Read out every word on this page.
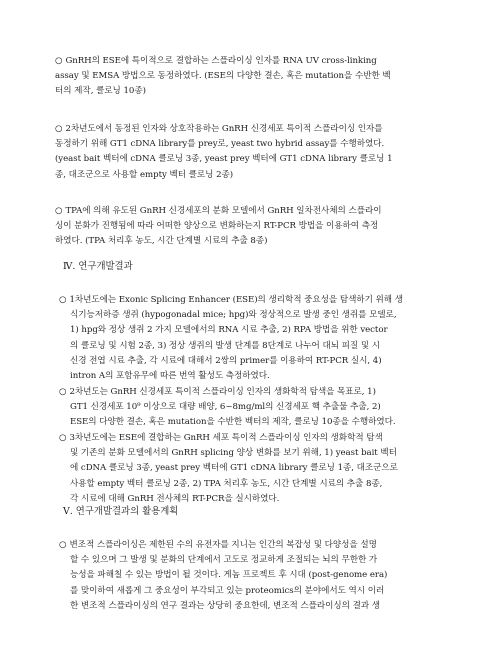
○ GnRH의 ESE에 특이적으로 결합하는 스플라이싱 인자를 RNA UV cross-linking
assay 및 EMSA 방법으로 동정하였다. (ESE의 다양한 결손, 혹은 mutation을 수반한 벡
터의 제작, 클로닝 10종)
○ 2차년도에서 동정된 인자와 상호작용하는 GnRH 신경세포 특이적 스플라이싱 인자를
동정하기 위해 GT1 cDNA library를 prey로, yeast two hybrid assay를 수행하였다.
(yeast bait 벡터에 cDNA 클로닝 3종, yeast prey 벡터에 GT1 cDNA library 클로닝 1
종, 대조군으로 사용할 empty 벡터 클로닝 2종)
○ TPA에 의해 유도된 GnRH 신경세포의 분화 모델에서 GnRH 일차전사체의 스플라이
싱이 분화가 진행됨에 따라 어떠한 양상으로 변화하는지 RT-PCR 방법을 이용하여 측정
하였다. (TPA 처리후 농도, 시간 단계별 시료의 추출 8종)
Ⅳ. 연구개발결과
○ 1차년도에는 Exonic Splicing Enhancer (ESE)의 생리학적 중요성을 탐색하기 위해 생
식기능저하증 생쥐 (hypogonadal mice; hpg)와 정상적으로 발생 중인 생쥐를 모델로,
1) hpg와 정상 생쥐 2 가지 모델에서의 RNA 시료 추출, 2) RPA 방법을 위한 vector
의 클로닝 및 시험 2종, 3) 정상 생쥐의 발생 단계를 8단계로 나누어 대뇌 피질 및 시
신경 전엽 시료 추출, 각 시료에 대해서 2쌍의 primer를 이용하여 RT-PCR 실시, 4)
intron A의 포함유무에 따른 번역 활성도 측정하였다.
○ 2차년도는 GnRH 신경세포 특이적 스플라이싱 인자의 생화학적 탐색을 목표로, 1)
GT1 신경세포 10⁹ 이상으로 대량 배양, 6~8mg/ml의 신경세포 핵 추출물 추출, 2)
ESE의 다양한 결손, 혹은 mutation을 수반한 벡터의 제작, 클로닝 10종을 수행하였다.
○ 3차년도에는 ESE에 결합하는 GnRH 세포 특이적 스플라이싱 인자의 생화학적 탐색
및 기존의 분화 모델에서의 GnRH splicing 양상 변화를 보기 위해, 1) yeast bait 벡터
에 cDNA 클로닝 3종, yeast prey 벡터에 GT1 cDNA library 클로닝 1종, 대조군으로
사용할 empty 벡터 클로닝 2종, 2) TPA 처리후 농도, 시간 단계별 시료의 추출 8종,
각 시료에 대해 GnRH 전사체의 RT-PCR을 실시하였다.
Ⅴ. 연구개발결과의 활용계획
○ 변조적 스플라이싱은 제한된 수의 유전자를 지니는 인간의 복잡성 및 다양성을 설명
할 수 있으며 그 발생 및 분화의 단계에서 고도로 정교하게 조절되는 뇌의 무한한 가
능성을 파해칠 수 있는 방법이 될 것이다. 게놈 프로젝트 후 시대 (post-genome era)
를 맞이하여 새롭게 그 중요성이 부각되고 있는 proteomics의 분야에서도 역시 이러
한 변조적 스플라이싱의 연구 결과는 상당히 중요한데, 변조적 스플라이싱의 결과 생
